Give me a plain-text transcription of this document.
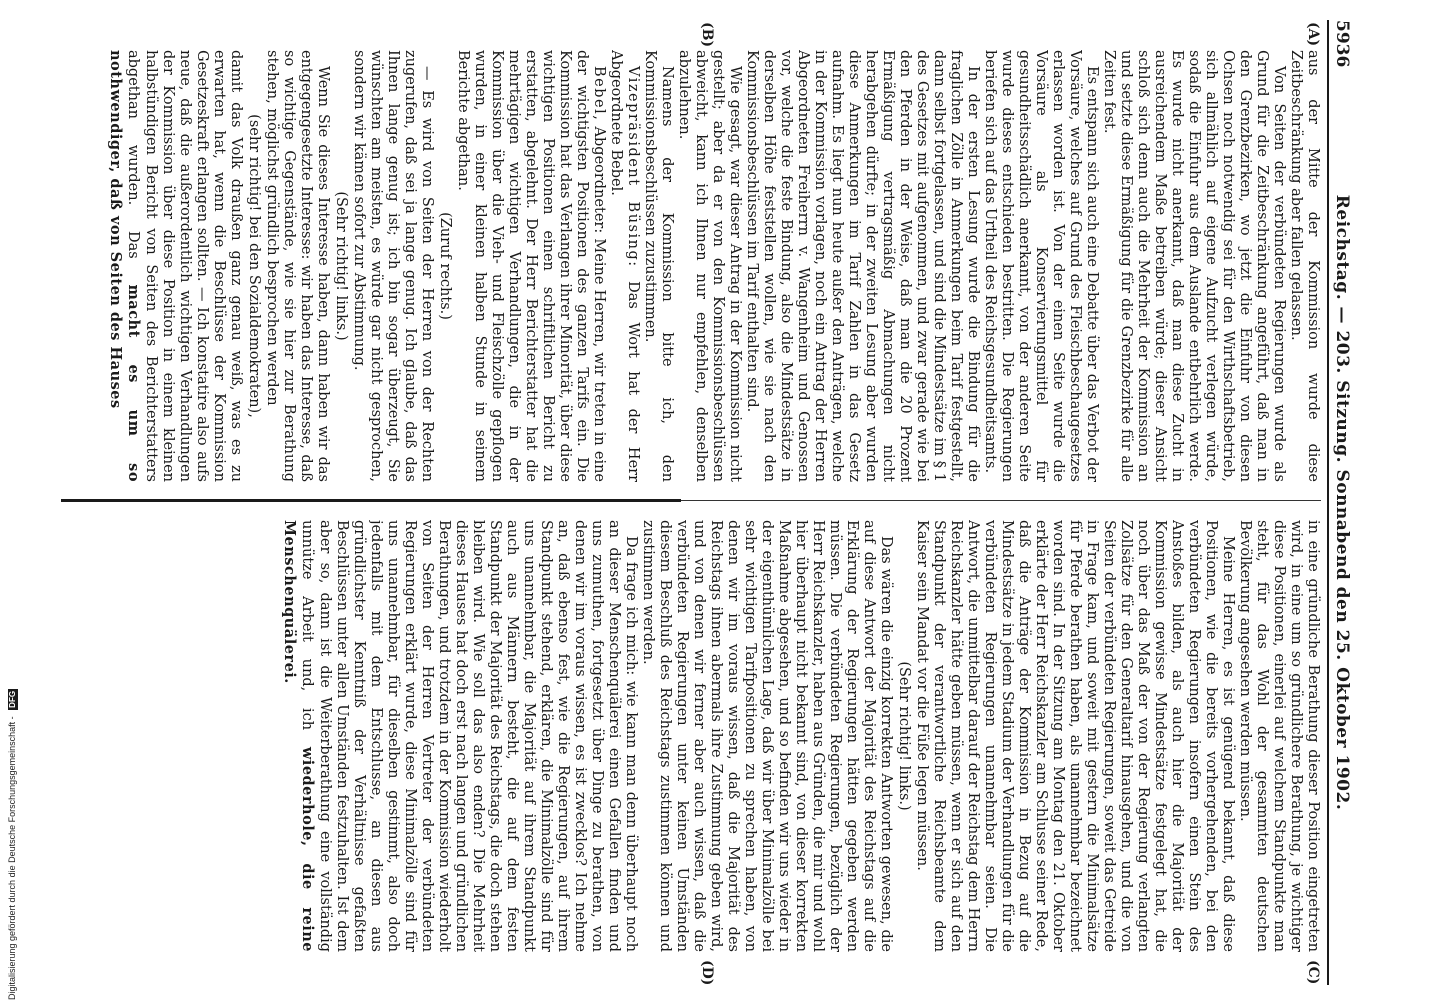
5936
Reichstag. — 203. Sitzung. Sonnabend den 25. Oktober 1902.
(A)
(B)
(C)
(D)

aus der Mitte der Kommission wurde diese Zeitbeschränkung aber fallen gelassen.

Von Seiten der verbündeten Regierungen wurde als Grund für die Zeitbeschränkung angeführt, daß man in den Grenzbezirken, wo jetzt die Einfuhr von diesen Ochsen noch notwendig sei für den Wirthschaftsbetrieb, sich allmählich auf eigene Aufzucht verlegen würde, sodaß die Einfuhr aus dem Auslande entbehrlich werde. Es wurde nicht anerkannt, daß man diese Zucht in ausreichendem Maße betreiben würde; dieser Ansicht schloß sich denn auch die Mehrheit der Kommission an und setzte diese Ermäßigung für die Grenzbezirke für alle Zeiten fest.

Es entspann sich auch eine Debatte über das Verbot der Vorsäure, welches auf Grund des Fleischbeschaugesetzes erlassen worden ist. Von der einen Seite wurde die Vorsäure als Konservierungsmittel für gesundheitsschädlich anerkannt, von der anderen Seite wurde dieses entschieden bestritten. Die Regierungen beriefen sich auf das Urtheil des Reichsgesundheitsamts.

In der ersten Lesung wurde die Bindung für die fraglichen Zölle in Anmerkungen beim Tarif festgestellt, dann selbst fortgelassen, und sind die Mindestsätze im § 1 des Gesetzes mit aufgenommen, und zwar gerade wie bei den Pferden in der Weise, daß man die 20 Prozent Ermäßigung vertragsmäßig Abmachungen nicht herabgehen dürfte; in der zweiten Lesung aber wurden diese Anmerkungen im Tarif Zahlen in das Gesetz aufnahm. Es liegt nun heute außer den Anträgen, welche in der Kommission vorlagen, noch ein Antrag der Herren Abgeordneten Freiherrn v. Wangenheim und Genossen vor, welche die feste Bindung, also die Mindestsätze in derselben Höhe feststellen wollen, wie sie nach den Kommissionsbeschlüssen im Tarif enthalten sind.

Wie gesagt, war dieser Antrag in der Kommission nicht gestellt; aber da er von den Kommissionsbeschlüssen abweicht, kann ich Ihnen nur empfehlen, denselben abzulehnen.

Namens der Kommission bitte ich, den Kommissionsbeschlüssen zuzustimmen.

Vizepräsident Büsing: Das Wort hat der Herr Abgeordnete Bebel.

Bebel, Abgeordneter: Meine Herren, wir treten in eine der wichtigsten Positionen des ganzen Tarifs ein. Die Kommission hat das Verlangen ihrer Minorität, über diese wichtigen Positionen einen schriftlichen Bericht zu erstatten, abgelehnt. Der Herr Berichterstatter hat die mehrtägigen wichtigen Verhandlungen, die in der Kommission über die Vieh- und Fleischzölle gepflogen wurden, in einer kleinen halben Stunde in seinem Berichte abgethan.

(Zuruf rechts.)

— Es wird von Seiten der Herren von der Rechten zugerufen, daß sei ja lange genug. Ich glaube, daß das Ihnen lange genug ist; ich bin sogar überzeugt, Sie wünschten am meisten, es würde gar nicht gesprochen, sondern wir kämen sofort zur Abstimmung.

(Sehr richtig! links.)

Wenn Sie dieses Interesse haben, dann haben wir das entgegengesetzte Interesse: wir haben das Interesse, daß so wichtige Gegenstände, wie sie hier zur Berathung stehen, möglichst gründlich besprochen werden

(sehr richtig! bei den Sozialdemokraten),

damit das Volk draußen ganz genau weiß, was es zu erwarten hat, wenn die Beschlüsse der Kommission Gesetzeskraft erlangen sollten. — Ich konstatire also aufs neue, daß die außerordentlich wichtigen Verhandlungen der Kommission über diese Position in einem kleinen halbstündigen Bericht von Seiten des Berichterstatters abgethan wurden. Das macht es um so nothwendiger, daß von Seiten des Hauses

in eine gründliche Berathung dieser Position eingetreten wird, in eine um so gründlichere Berathung, je wichtiger diese Positionen, einerlei auf welchem Standpunkte man steht, für das Wohl der gesammten deutschen Bevölkerung angesehen werden müssen.

Meine Herren, es ist genügend bekannt, daß diese Positionen, wie die bereits vorhergehenden, bei den verbündeten Regierungen insofern einen Stein des Anstoßes bilden, als auch hier die Majorität der Kommission gewisse Mindestsätze festgelegt hat, die noch über das Maß der von der Regierung verlangten Zollsätze für den Generaltarif hinausgehen, und die von Seiten der verbündeten Regierungen, soweit das Getreide in Frage kam, und soweit mit gestern die Minimalsätze für Pferde berathen haben, als unannehmbar bezeichnet worden sind. In der Sitzung am Montag den 21. Oktober erklärte der Herr Reichskanzler am Schlusse seiner Rede, daß die Anträge der Kommission in Bezug auf die Mindestsätze in jedem Stadium der Verhandlungen für die verbündeten Regierungen unannehmbar seien. Die Antwort, die unmittelbar darauf der Reichstag dem Herrn Reichskanzler hätte geben müssen, wenn er sich auf den Standpunkt der verantwortliche Reichsbeamte dem Kaiser sein Mandat vor die Füße legen müssen.

(Sehr richtig! links.)

Das wären die einzig korrekten Antworten gewesen, die auf diese Antwort der Majorität des Reichstags auf die Erklärung der Regierungen hätten gegeben werden müssen. Die verbündeten Regierungen, bezüglich der Herr Reichskanzler, haben aus Gründen, die mir und wohl hier überhaupt nicht bekannt sind, von dieser korrekten Maßnahme abgesehen, und so befinden wir uns wieder in der eigenthümlichen Lage, daß wir über Minimalzölle bei sehr wichtigen Tarifpositionen zu sprechen haben, von denen wir im voraus wissen, daß die Majorität des Reichstags ihnen abermals ihre Zustimmung geben wird, und von denen wir ferner aber auch wissen, daß die verbündeten Regierungen unter keinen Umständen diesem Beschluß des Reichstags zustimmen können und zustimmen werden.

Da frage ich mich: wie kann man denn überhaupt noch an dieser Menschenquälerei einen Gefallen finden und uns zumuthen, fortgesetzt über Dinge zu berathen, von denen wir im voraus wissen, es ist zwecklos? Ich nehme an, daß ebenso fest, wie die Regierungen, auf ihrem Standpunkt stehend, erklären, die Minimalzölle sind für uns unannehmbar, die Majorität auf ihrem Standpunkt auch aus Männern besteht, die auf dem festen Standpunkt der Majorität des Reichstags, die doch stehen bleiben wird. Wie soll das also enden? Die Mehrheit dieses Hauses hat doch erst nach langen und gründlichen Berathungen, und trotzdem in der Kommission wiederholt von Seiten der Herren Vertreter der verbündeten Regierungen erklärt wurde, diese Minimalzölle sind für uns unannehmbar, für dieselben gestimmt, also doch jedenfalls mit dem Entschlusse, an diesen aus gründlichster Kenntniß der Verhältnisse gefaßten Beschlüssen unter allen Umständen festzuhalten. Ist dem aber so, dann ist die Weiterberathung eine vollständig unnütze Arbeit und, ich wiederhole, die reine Menschenquälerei.

Digitalisierung gefördert durch die Deutsche Forschungsgemeinschaft - DFG
